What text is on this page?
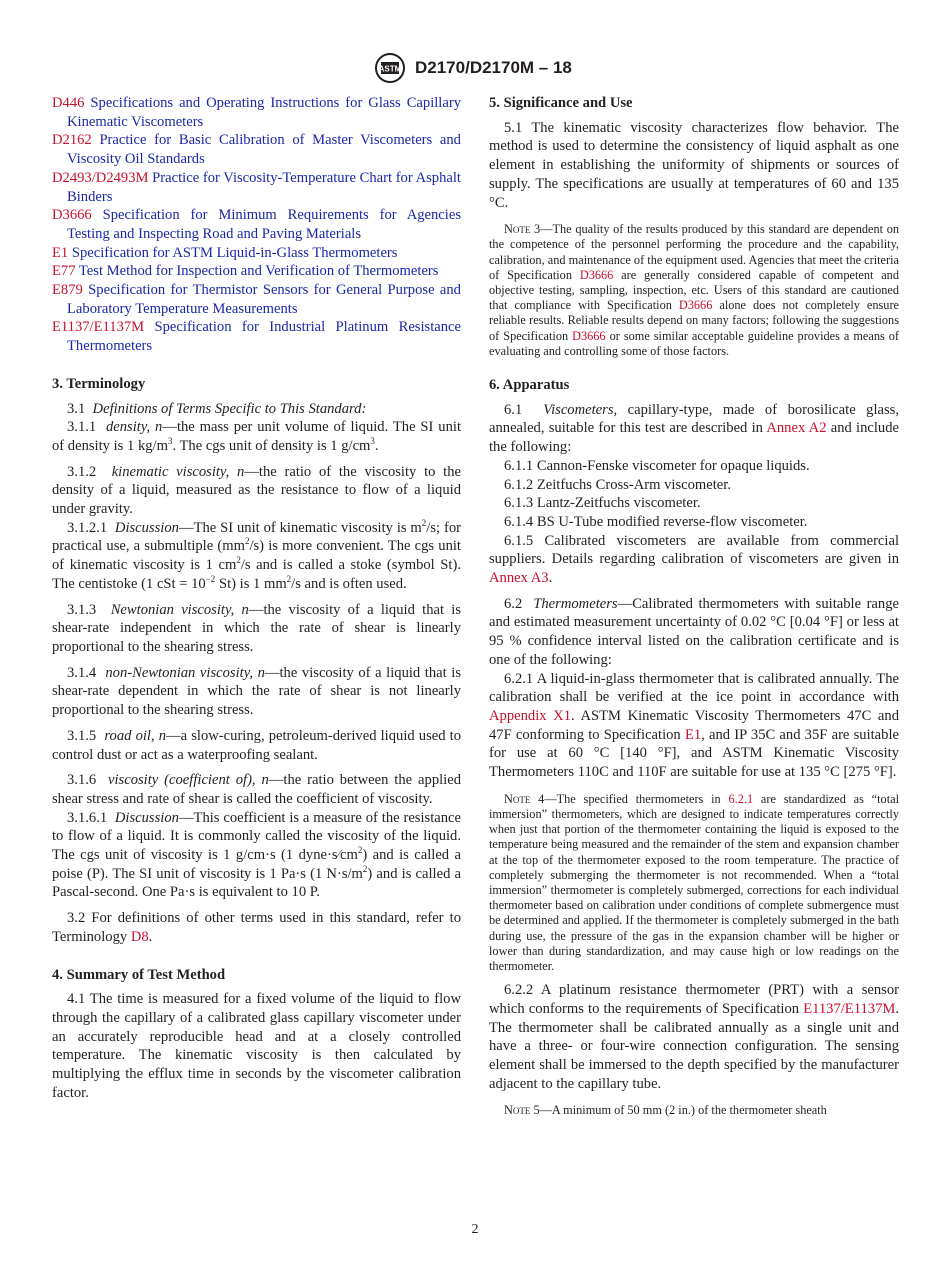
ASTM D2170/D2170M – 18

D446 Specifications and Operating Instructions for Glass Capillary Kinematic Viscometers

D2162 Practice for Basic Calibration of Master Viscometers and Viscosity Oil Standards

D2493/D2493M Practice for Viscosity-Temperature Chart for Asphalt Binders

D3666 Specification for Minimum Requirements for Agencies Testing and Inspecting Road and Paving Materials

E1 Specification for ASTM Liquid-in-Glass Thermometers

E77 Test Method for Inspection and Verification of Thermometers

E879 Specification for Thermistor Sensors for General Purpose and Laboratory Temperature Measurements

E1137/E1137M Specification for Industrial Platinum Resistance Thermometers

3. Terminology

3.1 Definitions of Terms Specific to This Standard:

3.1.1 density, n—the mass per unit volume of liquid. The SI unit of density is 1 $kg/m^3$. The cgs unit of density is 1 $g/cm^3$.

3.1.2 kinematic viscosity, n—the ratio of the viscosity to the density of a liquid, measured as the resistance to flow of a liquid under gravity.

3.1.2.1 Discussion—The SI unit of kinematic viscosity is $m^2/s$; for practical use, a submultiple $(mm^2/s)$ is more convenient. The cgs unit of kinematic viscosity is 1 $cm^2/s$ and is called a stoke (symbol St). The centistoke (1 cSt = $10^{-2}$ St) is 1 $mm^2/s$ and is often used.

3.1.3 Newtonian viscosity, n—the viscosity of a liquid that is shear-rate independent in which the rate of shear is linearly proportional to the shearing stress.

3.1.4 non-Newtonian viscosity, n—the viscosity of a liquid that is shear-rate dependent in which the rate of shear is not linearly proportional to the shearing stress.

3.1.5 road oil, n—a slow-curing, petroleum-derived liquid used to control dust or act as a waterproofing sealant.

3.1.6 viscosity (coefficient of), n—the ratio between the applied shear stress and rate of shear is called the coefficient of viscosity.

3.1.6.1 Discussion—This coefficient is a measure of the resistance to flow of a liquid. It is commonly called the viscosity of the liquid. The cgs unit of viscosity is 1 g/cm·s (1 $dyne\cdot s⁄cm^2$) and is called a poise (P). The SI unit of viscosity is 1 Pa·s (1 $N\cdot s/m^2$) and is called a Pascal-second. One Pa·s is equivalent to 10 P.

3.2 For definitions of other terms used in this standard, refer to Terminology D8.

4. Summary of Test Method

4.1 The time is measured for a fixed volume of the liquid to flow through the capillary of a calibrated glass capillary viscometer under an accurately reproducible head and at a closely controlled temperature. The kinematic viscosity is then calculated by multiplying the efflux time in seconds by the viscometer calibration factor.

5. Significance and Use

5.1 The kinematic viscosity characterizes flow behavior. The method is used to determine the consistency of liquid asphalt as one element in establishing the uniformity of shipments or sources of supply. The specifications are usually at temperatures of 60 and 135 °C.

Note 3—The quality of the results produced by this standard are dependent on the competence of the personnel performing the procedure and the capability, calibration, and maintenance of the equipment used. Agencies that meet the criteria of Specification D3666 are generally considered capable of competent and objective testing, sampling, inspection, etc. Users of this standard are cautioned that compliance with Specification D3666 alone does not completely ensure reliable results. Reliable results depend on many factors; following the suggestions of Specification D3666 or some similar acceptable guideline provides a means of evaluating and controlling some of those factors.

6. Apparatus

6.1 Viscometers, capillary-type, made of borosilicate glass, annealed, suitable for this test are described in Annex A2 and include the following:

6.1.1 Cannon-Fenske viscometer for opaque liquids.

6.1.2 Zeitfuchs Cross-Arm viscometer.

6.1.3 Lantz-Zeitfuchs viscometer.

6.1.4 BS U-Tube modified reverse-flow viscometer.

6.1.5 Calibrated viscometers are available from commercial suppliers. Details regarding calibration of viscometers are given in Annex A3.

6.2 Thermometers—Calibrated thermometers with suitable range and estimated measurement uncertainty of 0.02 °C [0.04 °F] or less at 95 % confidence interval listed on the calibration certificate and is one of the following:

6.2.1 A liquid-in-glass thermometer that is calibrated annually. The calibration shall be verified at the ice point in accordance with Appendix X1. ASTM Kinematic Viscosity Thermometers 47C and 47F conforming to Specification E1, and IP 35C and 35F are suitable for use at 60 °C [140 °F], and ASTM Kinematic Viscosity Thermometers 110C and 110F are suitable for use at 135 °C [275 °F].

Note 4—The specified thermometers in 6.2.1 are standardized as “total immersion” thermometers, which are designed to indicate temperatures correctly when just that portion of the thermometer containing the liquid is exposed to the temperature being measured and the remainder of the stem and expansion chamber at the top of the thermometer exposed to the room temperature. The practice of completely submerging the thermometer is not recommended. When a “total immersion” thermometer is completely submerged, corrections for each individual thermometer based on calibration under conditions of complete submergence must be determined and applied. If the thermometer is completely submerged in the bath during use, the pressure of the gas in the expansion chamber will be higher or lower than during standardization, and may cause high or low readings on the thermometer.

6.2.2 A platinum resistance thermometer (PRT) with a sensor which conforms to the requirements of Specification E1137/E1137M. The thermometer shall be calibrated annually as a single unit and have a three- or four-wire connection configuration. The sensing element shall be immersed to the depth specified by the manufacturer adjacent to the capillary tube.

Note 5—A minimum of 50 mm (2 in.) of the thermometer sheath

2
